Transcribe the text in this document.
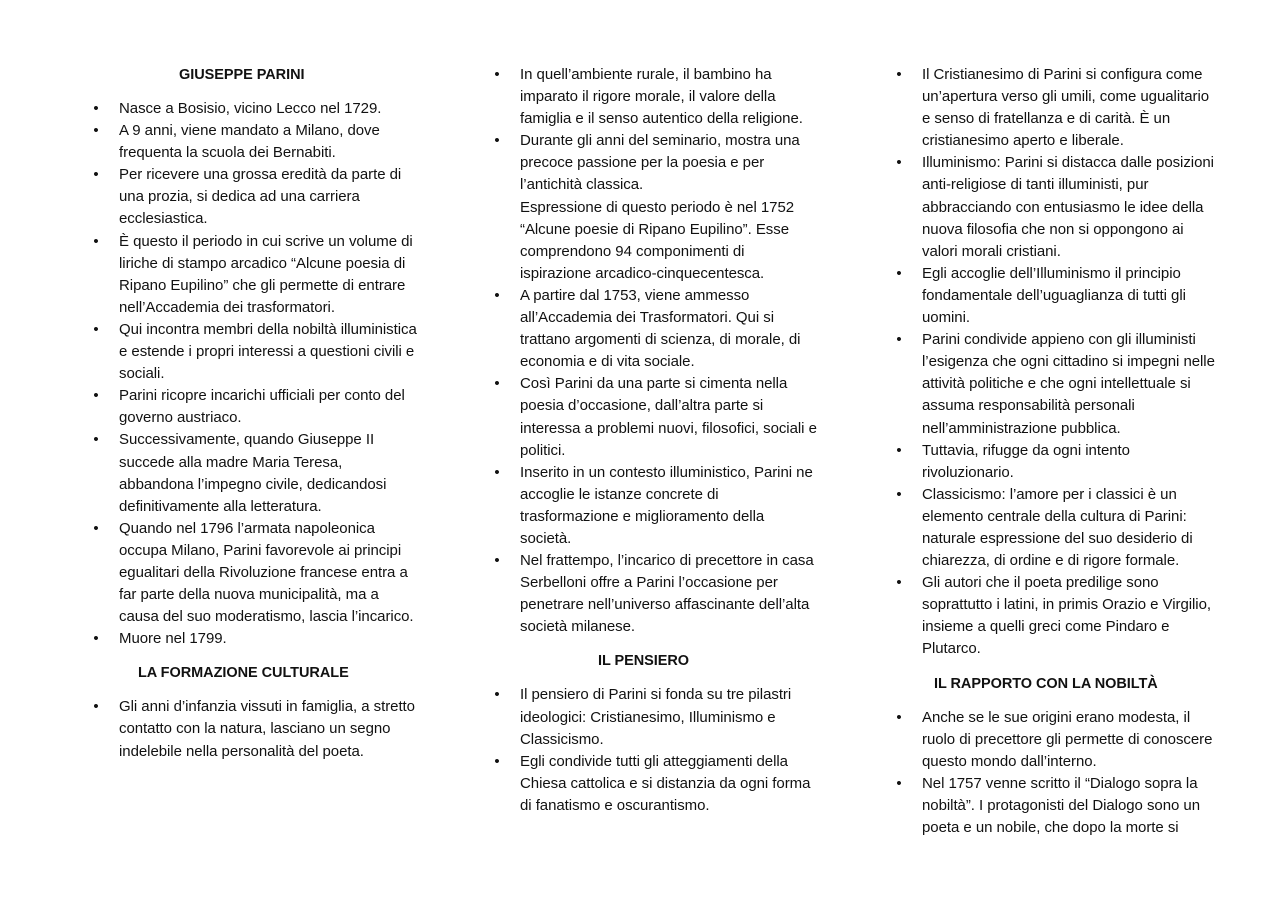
GIUSEPPE PARINI
• Nasce a Bosisio, vicino Lecco nel 1729.
• A 9 anni, viene mandato a Milano, dove frequenta la scuola dei Bernabiti.
• Per ricevere una grossa eredità da parte di una prozia, si dedica ad una carriera ecclesiastica.
• È questo il periodo in cui scrive un volume di liriche di stampo arcadico “Alcune poesia di Ripano Eupilino” che gli permette di entrare nell’Accademia dei trasformatori.
• Qui incontra membri della nobiltà illuministica e estende i propri interessi a questioni civili e sociali.
• Parini ricopre incarichi ufficiali per conto del governo austriaco.
• Successivamente, quando Giuseppe II succede alla madre Maria Teresa, abbandona l’impegno civile, dedicandosi definitivamente alla letteratura.
• Quando nel 1796 l’armata napoleonica occupa Milano, Parini favorevole ai principi egualitari della Rivoluzione francese entra a far parte della nuova municipalità, ma a causa del suo moderatismo, lascia l’incarico.
• Muore nel 1799.
LA FORMAZIONE CULTURALE
• Gli anni d’infanzia vissuti in famiglia, a stretto contatto con la natura, lasciano un segno indelebile nella personalità del poeta.
• In quell’ambiente rurale, il bambino ha imparato il rigore morale, il valore della famiglia e il senso autentico della religione.
• Durante gli anni del seminario, mostra una precoce passione per la poesia e per l’antichità classica.
Espressione di questo periodo è nel 1752 “Alcune poesie di Ripano Eupilino”. Esse comprendono 94 componimenti di ispirazione arcadico-cinquecentesca.
• A partire dal 1753, viene ammesso all’Accademia dei Trasformatori. Qui si trattano argomenti di scienza, di morale, di economia e di vita sociale.
• Così Parini da una parte si cimenta nella poesia d’occasione, dall’altra parte si interessa a problemi nuovi, filosofici, sociali e politici.
• Inserito in un contesto illuministico, Parini ne accoglie le istanze concrete di trasformazione e miglioramento della società.
• Nel frattempo, l’incarico di precettore in casa Serbelloni offre a Parini l’occasione per penetrare nell’universo affascinante dell’alta società milanese.
IL PENSIERO
• Il pensiero di Parini si fonda su tre pilastri ideologici: Cristianesimo, Illuminismo e Classicismo.
• Egli condivide tutti gli atteggiamenti della Chiesa cattolica e si distanzia da ogni forma di fanatismo e oscurantismo.
• Il Cristianesimo di Parini si configura come un’apertura verso gli umili, come ugualitario e senso di fratellanza e di carità. È un cristianesimo aperto e liberale.
• Illuminismo: Parini si distacca dalle posizioni anti-religiose di tanti illuministi, pur abbracciando con entusiasmo le idee della nuova filosofia che non si oppongono ai valori morali cristiani.
• Egli accoglie dell’Illuminismo il principio fondamentale dell’uguaglianza di tutti gli uomini.
• Parini condivide appieno con gli illuministi l’esigenza che ogni cittadino si impegni nelle attività politiche e che ogni intellettuale si assuma responsabilità personali nell’amministrazione pubblica.
• Tuttavia, rifugge da ogni intento rivoluzionario.
• Classicismo: l’amore per i classici è un elemento centrale della cultura di Parini: naturale espressione del suo desiderio di chiarezza, di ordine e di rigore formale.
• Gli autori che il poeta predilige sono soprattutto i latini, in primis Orazio e Virgilio, insieme a quelli greci come Pindaro e Plutarco.
IL RAPPORTO CON LA NOBILTÀ
• Anche se le sue origini erano modesta, il ruolo di precettore gli permette di conoscere questo mondo dall’interno.
• Nel 1757 venne scritto il “Dialogo sopra la nobiltà”. I protagonisti del Dialogo sono un poeta e un nobile, che dopo la morte si
